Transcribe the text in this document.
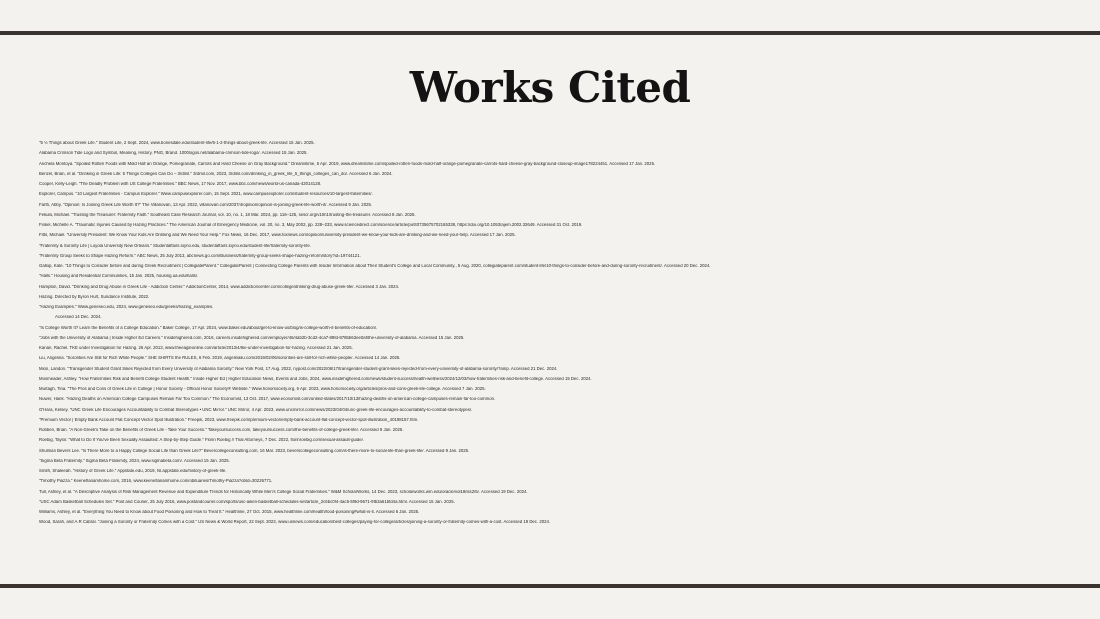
Works Cited
"5 ½ Things about Greek Life." Student Life, 2 Sept. 2024, www.bonesdale.edu/student-life/5-1-2-things-about-greek-life. Accessed 15 Jan. 2025.
Alabama Crimson Tide Logo and Symbol, Meaning, History, PNG, Brand. 1000logos.net/alabama-crimson-tide-logo/. Accessed 15 Jan. 2025.
Anchela Montoya. "Spoiled Rotten Foods with Mold Half an Orange, Pomegranate, Carrots and Hard Cheese on Gray Background." Dreamstime, 5 Apr. 2019, www.dreamstime.com/spoiled-rotten-foods-mold-half-orange-pomegranate-carrots-hard-cheese-gray-background-closeup-image178224451. Accessed 17 Jan. 2025.
Benzel, Brian, et al. "Drinking in Greek Life: 5 Things Colleges Can Do – 3rdmil." 3rdmil.com, 2023, 3rdmil.com/drinking_in_greek_life_5_things_colleges_can_do/. Accessed 6 Jan. 2024.
Cooper, Kelly-Leigh. "The Deadly Problem with US College Fraternities." BBC News, 17 Nov. 2017, www.bbc.com/news/world-us-canada-42014128.
Explorer, Campus. "10 Largest Fraternities - Campus Explorer." Www.campusexplorer.com, 15 Sept. 2021, www.campusexplorer.com/student-resources/10-largest-fraternities/.
Farth, Abby. "Opinion: Is Joining Greek Life Worth It?" The Villanovan, 13 Apr. 2022, villanovan.com/2037/4/opinion/opinion-is-joining-greek-life-worth-it/. Accessed 9 Jan. 2025.
Fekula, Michael. "Trusting the Treasurer: Fraternity Faith." Southeast Case Research Journal, vol. 10, no. 1, 18 Mar. 2024, pp. 116–125, sescr.org/v10n1/trusting-the-treasurer. Accessed 8 Jan. 2025.
Finkel, Michelle A. "Traumatic Injuries Caused by Hazing Practices." The American Journal of Emergency Medicine, vol. 20, no. 3, May 2002, pp. 228–233, www.sciencedirect.com/science/article/pii/S0735675702165338, https://doi.org/10.1053/ajem.2002.32649. Accessed 31 Oct. 2019.
Fitts, Michael. "University President: We Know Your Kids Are Drinking and We Need Your Help." Fox News, 16 Dec. 2017, www.foxnews.com/opinion/university-president-we-know-your-kids-are-drinking-and-we-need-your-help. Accessed 17 Jan. 2025.
"Fraternity & Sorority Life | Loyola University New Orleans." Studentaffairs.loyno.edu, studentaffairs.loyno.edu/student-life/fraternity-sorority-life.
"Fraternity Group Seeks to Shape Hazing Reform." ABC News, 25 July 2013, abcnews.go.com/Business/fraternity-group-seeks-shape-hazing-reform/story?id=19744121.
Gallop, Kate. "10 Things to Consider before and during Greek Recruitment | CollegiateParent." CollegiateParent | Connecting College Parents with Insider Information about Their Student's College and Local Community., 5 Aug. 2020, collegiateparent.com/student-life/10-things-to-consider-before-and-during-sorority-recruitment/. Accessed 20 Dec. 2024.
"Halls." Housing and Residential Communities, 15 Jan. 2025, housing.ua.edu/halls/.
Hampton, David. "Drinking and Drug Abuse in Greek Life - Addiction Center." AddictionCenter, 2014, www.addictioncenter.com/college/drinking-drug-abuse-greek-life/. Accessed 3 Jan. 2024.
Hazing. Directed by Byron Hurt, Sundance Institute, 2022.
"Hazing Examples." Www.geneseo.edu, 2024, www.geneseo.edu/greeks/hazing_examples.
Accessed 14 Dec. 2024.
"Is College Worth It? Learn the Benefits of a College Education." Baker College, 17 Apr. 2024, www.baker.edu/about/get-to-know-us/blog/is-college-worth-it-benefits-of-education/.
"Jobs with the University of Alabama | Inside Higher Ed Careers." Insidehighered.com, 2016, careers.insidehighered.com/employer/46/4ab2b-3cd2-4ca7-89fd-878bb63ee0af/the-university-of-alabama. Accessed 15 Jan. 2025.
Kanan, Rachel. TKE under Investigation for Hazing. 26 Apr. 2013, www.theeagleonline.com/article/2013/4/tke-under-investigation-for-hazing. Accessed 21 Jan. 2025.
Liu, Angelina. "Sororities Are Still for Rich White People." SHE SHIRTS the RULES, 6 Feb. 2019, angelinaliu.com/2019/02/06/sororities-are-still-for-rich-white-people/. Accessed 14 Jan. 2025.
Mion, Landon. "Transgender Student Grant Sikes Rejected from Every University of Alabama Sorority." New York Post, 17 Aug. 2022, nypost.com/2022/08/17/transgender-student-grant-sikes-rejected-from-every-university-of-alabama-sorority/?amp. Accessed 21 Dec. 2024.
Mosmeader, Ashley. "How Fraternities Risk and Benefit College Student Health." Inside Higher Ed | Higher Education News, Events and Jobs, 2024, www.insidehighered.com/news/student-success/health-wellness/2024/12/03/how-fraternities-risk-and-benefit-college. Accessed 15 Dec. 2024.
Murtagh, Tina. "The Pros and Cons of Greek Life in College | Honor Society - Official Honor Society® Website." Www.honorsociety.org, 6 Apr. 2023, www.honorsociety.org/articles/pros-and-cons-greek-life-college. Accessed 7 Jan. 2025.
Nuwer, Hank. "Hazing Deaths on American College Campuses Remain Far Too Common." The Economist, 13 Oct. 2017, www.economist.com/united-states/2017/10/13/hazing-deaths-on-american-college-campuses-remain-far-too-common.
O'Hara, Kelsey. "UNC Greek Life Encourages Accountability to Combat Stereotypes • UNC Mirror." UNC Mirror, 4 Apr. 2023, www.uncmirror.com/news/2023/04/04/unc-greek-life-encourages-accountability-to-combat-stereotypes/.
"Premium Vector | Empty Bank Account Flat Concept Vector Spot Illustration." Freepik, 2023, www.freepik.com/premium-vector/empty-bank-account-flat-concept-vector-spot-illustration_40198157.htm.
Robben, Brian. "A Non-Greek's Take on the Benefits of Greek Life - Take Your Success." Takeyoursuccess.com, takeyoursuccess.com/the-benefits-of-college-greek-life/. Accessed 9 Jan. 2025.
Roebig, Taylor. "What to Do If You've Been Sexually Assaulted: A Step-by-Step Guide." Florin Roebig // Trial Attorneys, 7 Dec. 2022, florinroebig.com/sexual-assault-guide/.
Shulman Bevers Lee. "Is There More to a Happy College Social Life than Greek Life?" Bevercollegeconsulting.com, 16 Mar. 2023, beverscollegeconsulting.com/is-there-more-to-social-life-than-greek-life/. Accessed 9 Jan. 2025.
"Sigma Beta Fraternity." Sigma Beta Fraternity, 2024, www.sigmabeta.com/. Accessed 15 Jan. 2025.
Smith, Shaleeah. "History of Greek Life." Appstate.edu, 2019, fsl.appstate.edu/history-of-greek-life.
"Timothy Piazza." Keeneflanamhome.com, 2016, www.keeneflanamhome.com/obituaries/Timothy-Piazza?obId=30226771.
Tull, Ashley, et al. "A Descriptive Analysis of Risk Management Revenue and Expenditure Trends for Historically White Men's College Social Fraternities." W&M ScholarWorks, 14 Dec. 2023, scholarworks.wm.edu/oracle/vol18/iss2/5/. Accessed 19 Dec. 2024.
"USC Adam Basketball Schedules Set." Post and Courier, 25 July 2016, www.postandcourier.com/sports/usc-aiken-basketball-schedules-set/article_2c6bc0f4-4ac5-5f9d-9671-9fb3a61bfd4a.html. Accessed 15 Jan. 2025.
Williams, Ashley, et al. "Everything You Need to Know about Food Poisoning and How to Treat It." Healthline, 27 Oct. 2015, www.healthline.com/health/food-poisoning#what-is-it. Accessed 6 Jan. 2025.
Wood, Sarah, and A.R Cabral. "Joining a Sorority or Fraternity Comes with a Cost." US News & World Report, 22 Sept. 2023, www.usnews.com/education/best-colleges/paying-for-college/articles/joining-a-sorority-or-fraternity-comes-with-a-cost. Accessed 19 Dec. 2024.
